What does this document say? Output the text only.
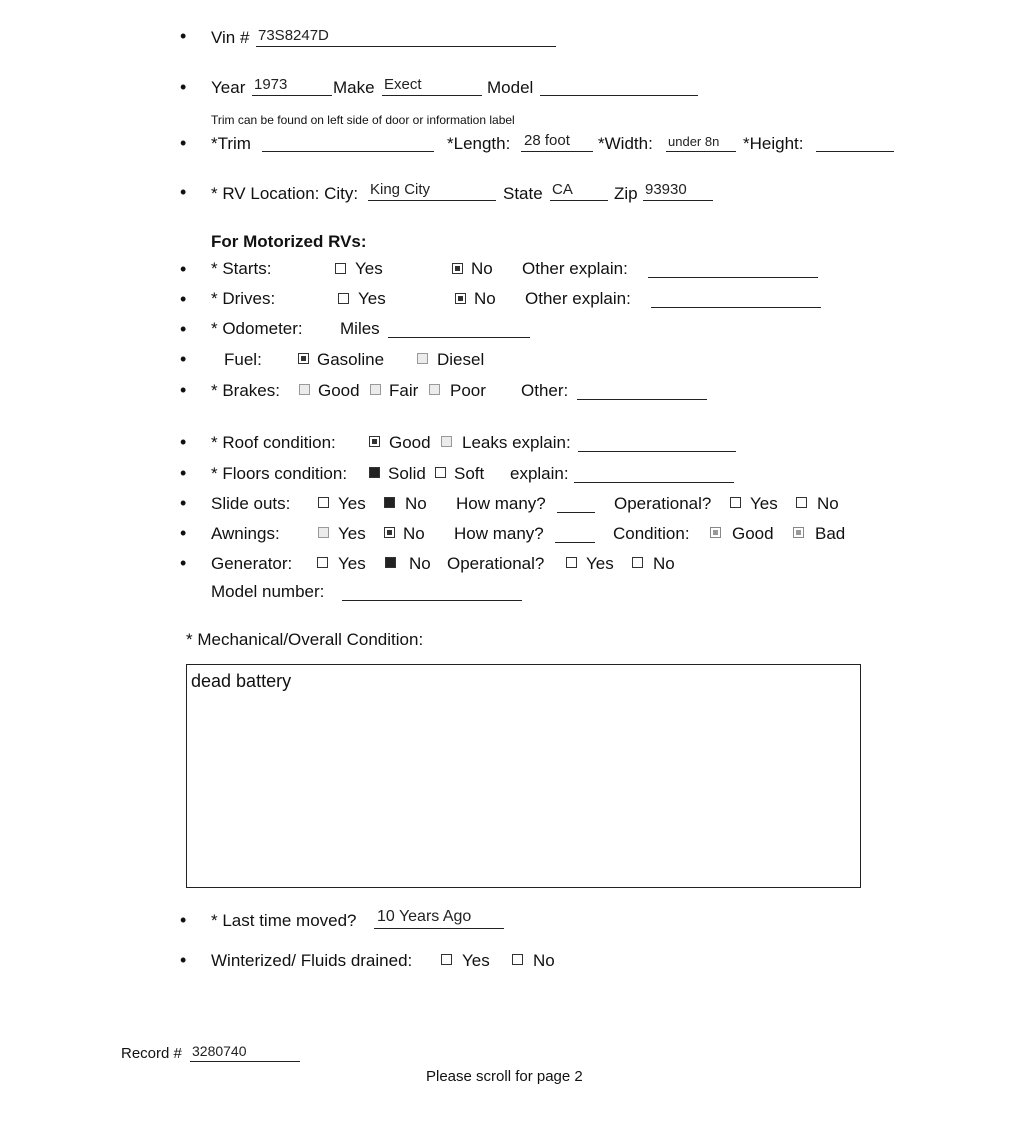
• Vin # 73S8247D
• Year 1973	Make Exect	Model
Trim can be found on left side of door or information label
• *Trim	*Length: 28 foot *Width: under 8n *Height:
• * RV Location: City: King City	State CA Zip 93930
For Motorized RVs:
• * Starts:	Yes	No Other explain:
• * Drives:	Yes	No Other explain:
• * Odometer: Miles
• Fuel:	Gasoline	Diesel
• * Brakes: Good Fair Poor Other:
• * Roof condition:	Good Leaks explain:
• * Floors condition: Solid Soft explain:
• Slide outs:	Yes No How many?	Operational? Yes No
• Awnings:	Yes No How many?	Condition: Good Bad
• Generator:	Yes	No Operational? Yes No
Model number:
* Mechanical/Overall Condition:
dead battery
• * Last time moved? 10 Years Ago
• Winterized/ Fluids drained:	Yes	No
Record # 3280740
Please scroll for page 2
